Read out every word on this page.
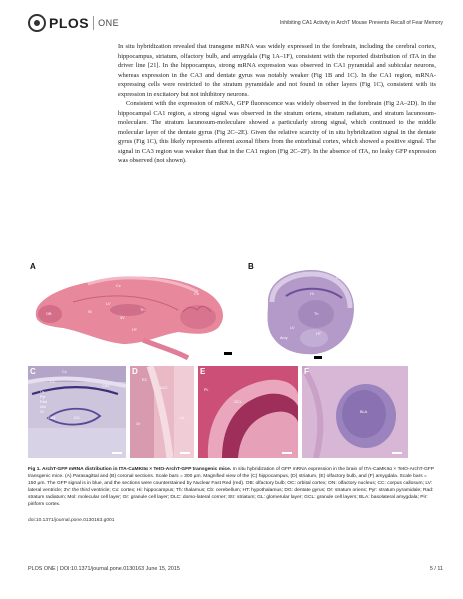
PLOS ONE	Inhibiting CA1 Activity in ArchT Mouse Prevents Recall of Fear Memory

In situ hybridization revealed that transgene mRNA was widely expressed in the forebrain, including the cerebral cortex, hippocampus, striatum, olfactory bulb, and amygdala (Fig 1A–1F), consistent with the reported distribution of tTA in the driver line [21]. In the hippocampus, strong mRNA expression was observed in CA1 pyramidal and subicular neurons, whereas expression in the CA3 and dentate gyrus was notably weaker (Fig 1B and 1C). In the CA1 region, mRNA-expressing cells were restricted to the stratum pyramidale and not found in other layers (Fig 1C), consistent with its expression in excitatory but not inhibitory neurons.

Consistent with the expression of mRNA, GFP fluorescence was widely observed in the forebrain (Fig 2A–2D). In the hippocampal CA1 region, a strong signal was observed in the stratum oriens, stratum radiatum, and stratum lacunosum-moleculare. The stratum lacunosum-moleculare showed a particularly strong signal, which continued to the middle molecular layer of the dentate gyrus (Fig 2C–2E). Given the relative scarcity of in situ hybridization signal in the dentate gyrus (Fig 1C), this likely represents afferent axonal fibers from the entorhinal cortex, which showed a positive signal. The signal in CA3 region was weaker than that in the CA1 region (Fig 2C–2F). In the absence of tTA, no leaky GFP expression was observed (not shown).

A
OB
Cx
LV
St
3V
Th
HT
Cb
B
Cx
Hi
Th
LV
HT
Amy
C	Cx
CC
CA1
Or
Pyr
Rad
Mol
Gr
CA3	DG
D
EC
DLC
Or
LV
E
PL
GCL
F
BLA
Fig 1. ArchT-GFP mRNA distribution in tTA-CaMKIIα × TetO-ArchT-GFP transgenic mice. In situ hybridization of GFP mRNA expression in the brain of tTA-CaMKIIα × TetO-ArchT-GFP transgenic mice. (A) Parasagittal and (B) coronal sections. Scale bars = 300 µm. Magnified view of the (C) hippocampus, (D) striatum, (E) olfactory bulb, and (F) amygdala. Scale bars = 150 µm. The GFP signal is in blue, and the sections were counterstained by Nuclear Fast Red (red). OB: olfactory bulb; OC: orbital cortex; ON: olfactory nucleus; CC: corpus callosum; LV: lateral ventricle; 3V: the third ventricle; Cx: cortex; Hi: hippocampus; Th: thalamus; Cb: cerebellum; HT: hypothalamus; DG: dentate gyrus; Or: stratum oriens; Pyr: stratum pyramidale; Rad: stratum radiatum; Mol: molecular cell layer; Gr: granule cell layer; DLC: dorso-lateral corner; Str: striatum; GL: glomerular layer; GCL: granule cell layers; BLA: basolateral amygdala; Pir: piriform cortex.
doi:10.1371/journal.pone.0130163.g001
PLOS ONE | DOI:10.1371/journal.pone.0130163 June 15, 2015	5 / 11
